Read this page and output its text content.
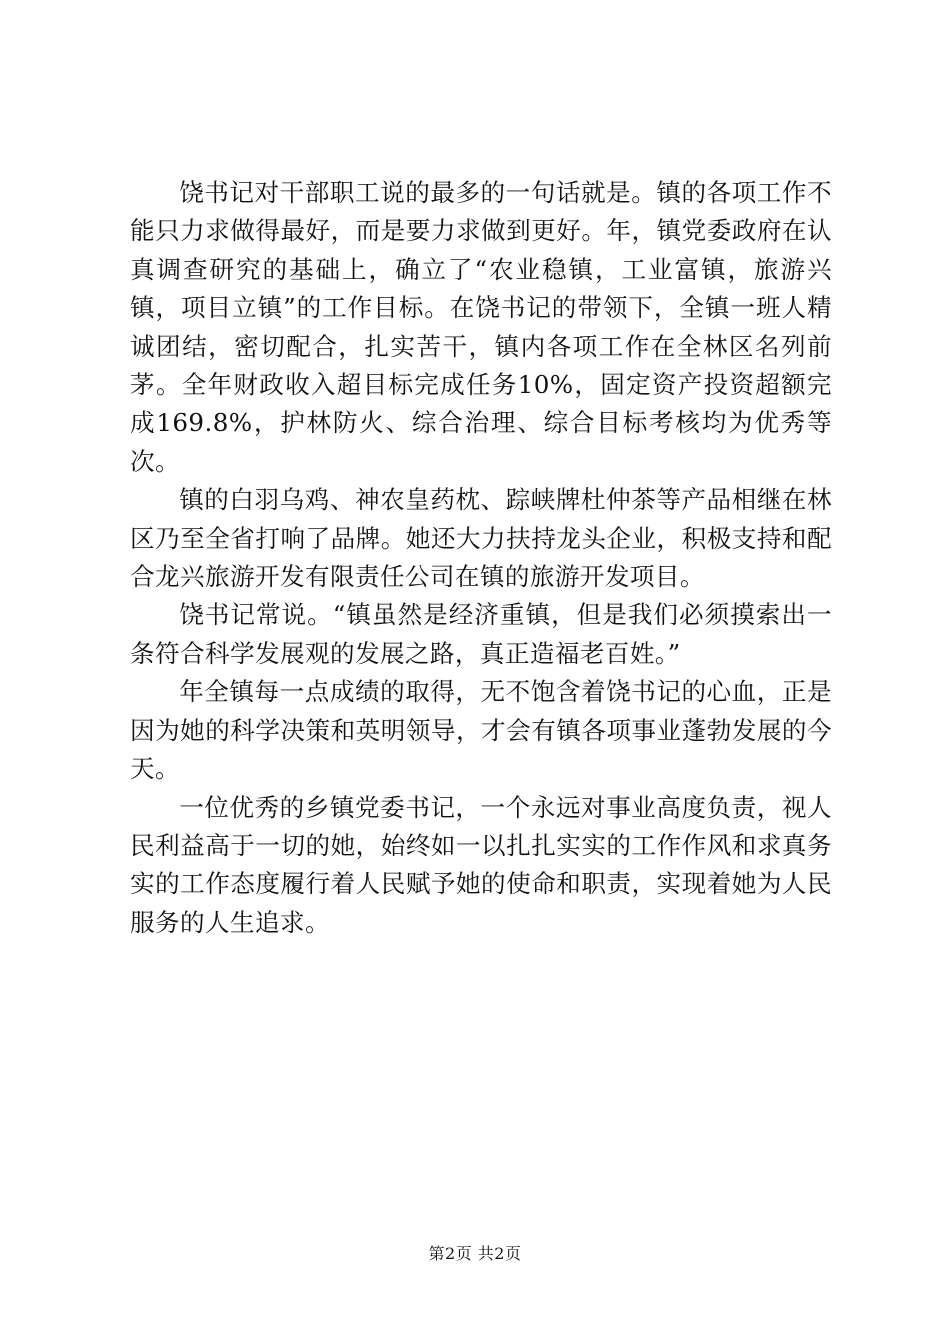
饶书记对干部职工说的最多的一句话就是。镇的各项工作不能只力求做得最好，而是要力求做到更好。年，镇党委政府在认真调查研究的基础上，确立了“农业稳镇，工业富镇，旅游兴镇，项目立镇”的工作目标。在饶书记的带领下，全镇一班人精诚团结，密切配合，扎实苦干，镇内各项工作在全林区名列前茅。全年财政收入超目标完成任务10%，固定资产投资超额完成169.8%，护林防火、综合治理、综合目标考核均为优秀等次。

镇的白羽乌鸡、神农皇药枕、踪峡牌杜仲茶等产品相继在林区乃至全省打响了品牌。她还大力扶持龙头企业，积极支持和配合龙兴旅游开发有限责任公司在镇的旅游开发项目。

饶书记常说。“镇虽然是经济重镇，但是我们必须摸索出一条符合科学发展观的发展之路，真正造福老百姓。”

年全镇每一点成绩的取得，无不饱含着饶书记的心血，正是因为她的科学决策和英明领导，才会有镇各项事业蓬勃发展的今天。

一位优秀的乡镇党委书记，一个永远对事业高度负责，视人民利益高于一切的她，始终如一以扎扎实实的工作作风和求真务实的工作态度履行着人民赋予她的使命和职责，实现着她为人民服务的人生追求。

第2页 共2页
